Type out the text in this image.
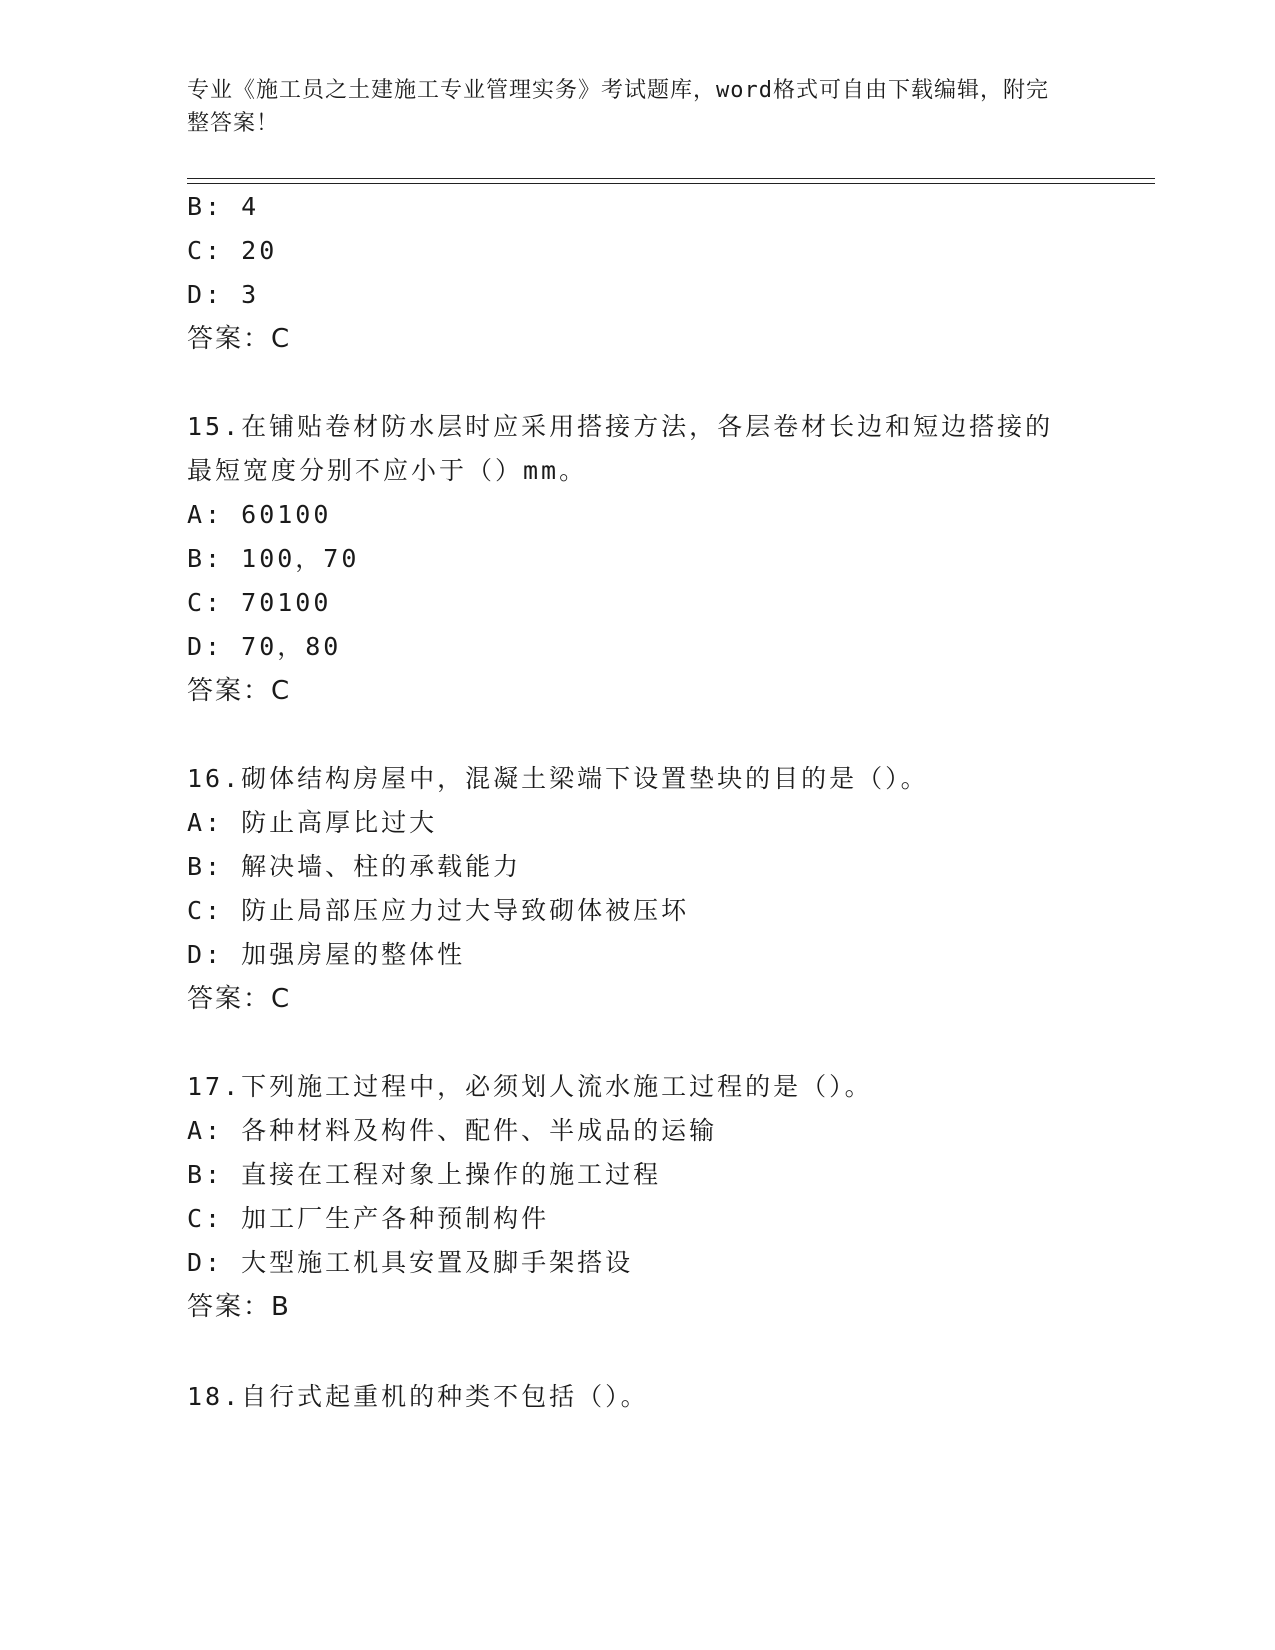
专业《施工员之土建施工专业管理实务》考试题库，word格式可自由下载编辑，附完整答案！
B: 4
C: 20
D: 3
答案：C
15.在铺贴卷材防水层时应采用搭接方法，各层卷材长边和短边搭接的
最短宽度分别不应小于（）mm。
A: 60100
B: 100，70
C: 70100
D: 70，80
答案：C
16.砌体结构房屋中，混凝土梁端下设置垫块的目的是（）。
A: 防止高厚比过大
B: 解决墙、柱的承载能力
C: 防止局部压应力过大导致砌体被压坏
D: 加强房屋的整体性
答案：C
17.下列施工过程中，必须划人流水施工过程的是（）。
A: 各种材料及构件、配件、半成品的运输
B: 直接在工程对象上操作的施工过程
C: 加工厂生产各种预制构件
D: 大型施工机具安置及脚手架搭设
答案：B
18.自行式起重机的种类不包括（）。
